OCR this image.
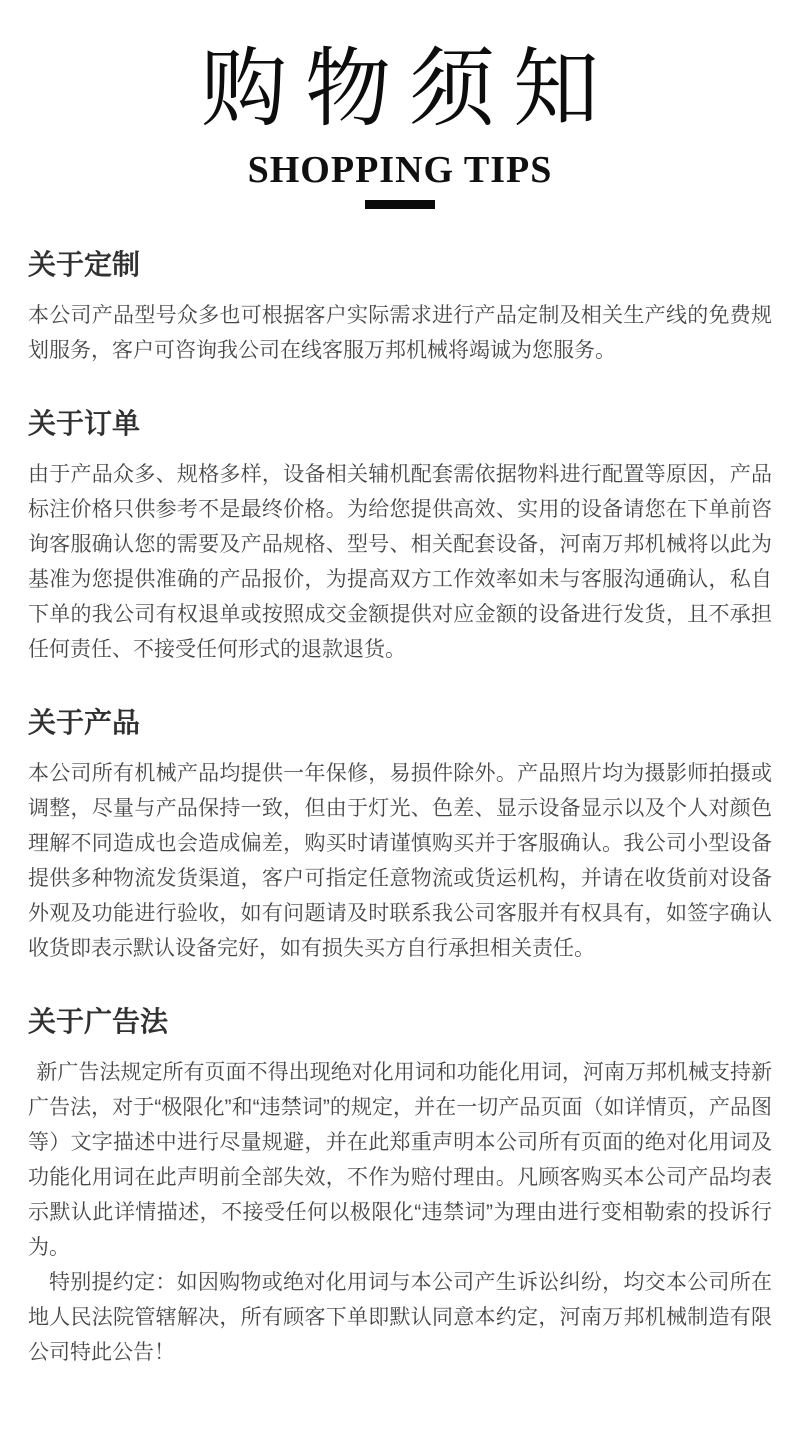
购物须知
SHOPPING TIPS
关于定制

本公司产品型号众多也可根据客户实际需求进行产品定制及相关生产线的免费规划服务，客户可咨询我公司在线客服万邦机械将竭诚为您服务。

关于订单

由于产品众多、规格多样，设备相关辅机配套需依据物料进行配置等原因，产品标注价格只供参考不是最终价格。为给您提供高效、实用的设备请您在下单前咨询客服确认您的需要及产品规格、型号、相关配套设备，河南万邦机械将以此为基准为您提供准确的产品报价，为提高双方工作效率如未与客服沟通确认，私自下单的我公司有权退单或按照成交金额提供对应金额的设备进行发货，且不承担任何责任、不接受任何形式的退款退货。

关于产品

本公司所有机械产品均提供一年保修，易损件除外。产品照片均为摄影师拍摄或调整，尽量与产品保持一致，但由于灯光、色差、显示设备显示以及个人对颜色理解不同造成也会造成偏差，购买时请谨慎购买并于客服确认。我公司小型设备提供多种物流发货渠道，客户可指定任意物流或货运机构，并请在收货前对设备外观及功能进行验收，如有问题请及时联系我公司客服并有权具有，如签字确认收货即表示默认设备完好，如有损失买方自行承担相关责任。

关于广告法

新广告法规定所有页面不得出现绝对化用词和功能化用词，河南万邦机械支持新广告法，对于“极限化”和“违禁词”的规定，并在一切产品页面（如详情页，产品图等）文字描述中进行尽量规避，并在此郑重声明本公司所有页面的绝对化用词及功能化用词在此声明前全部失效，不作为赔付理由。凡顾客购买本公司产品均表示默认此详情描述，不接受任何以极限化“违禁词”为理由进行变相勒索的投诉行为。

特别提约定：如因购物或绝对化用词与本公司产生诉讼纠纷，均交本公司所在地人民法院管辖解决，所有顾客下单即默认同意本约定，河南万邦机械制造有限公司特此公告！
